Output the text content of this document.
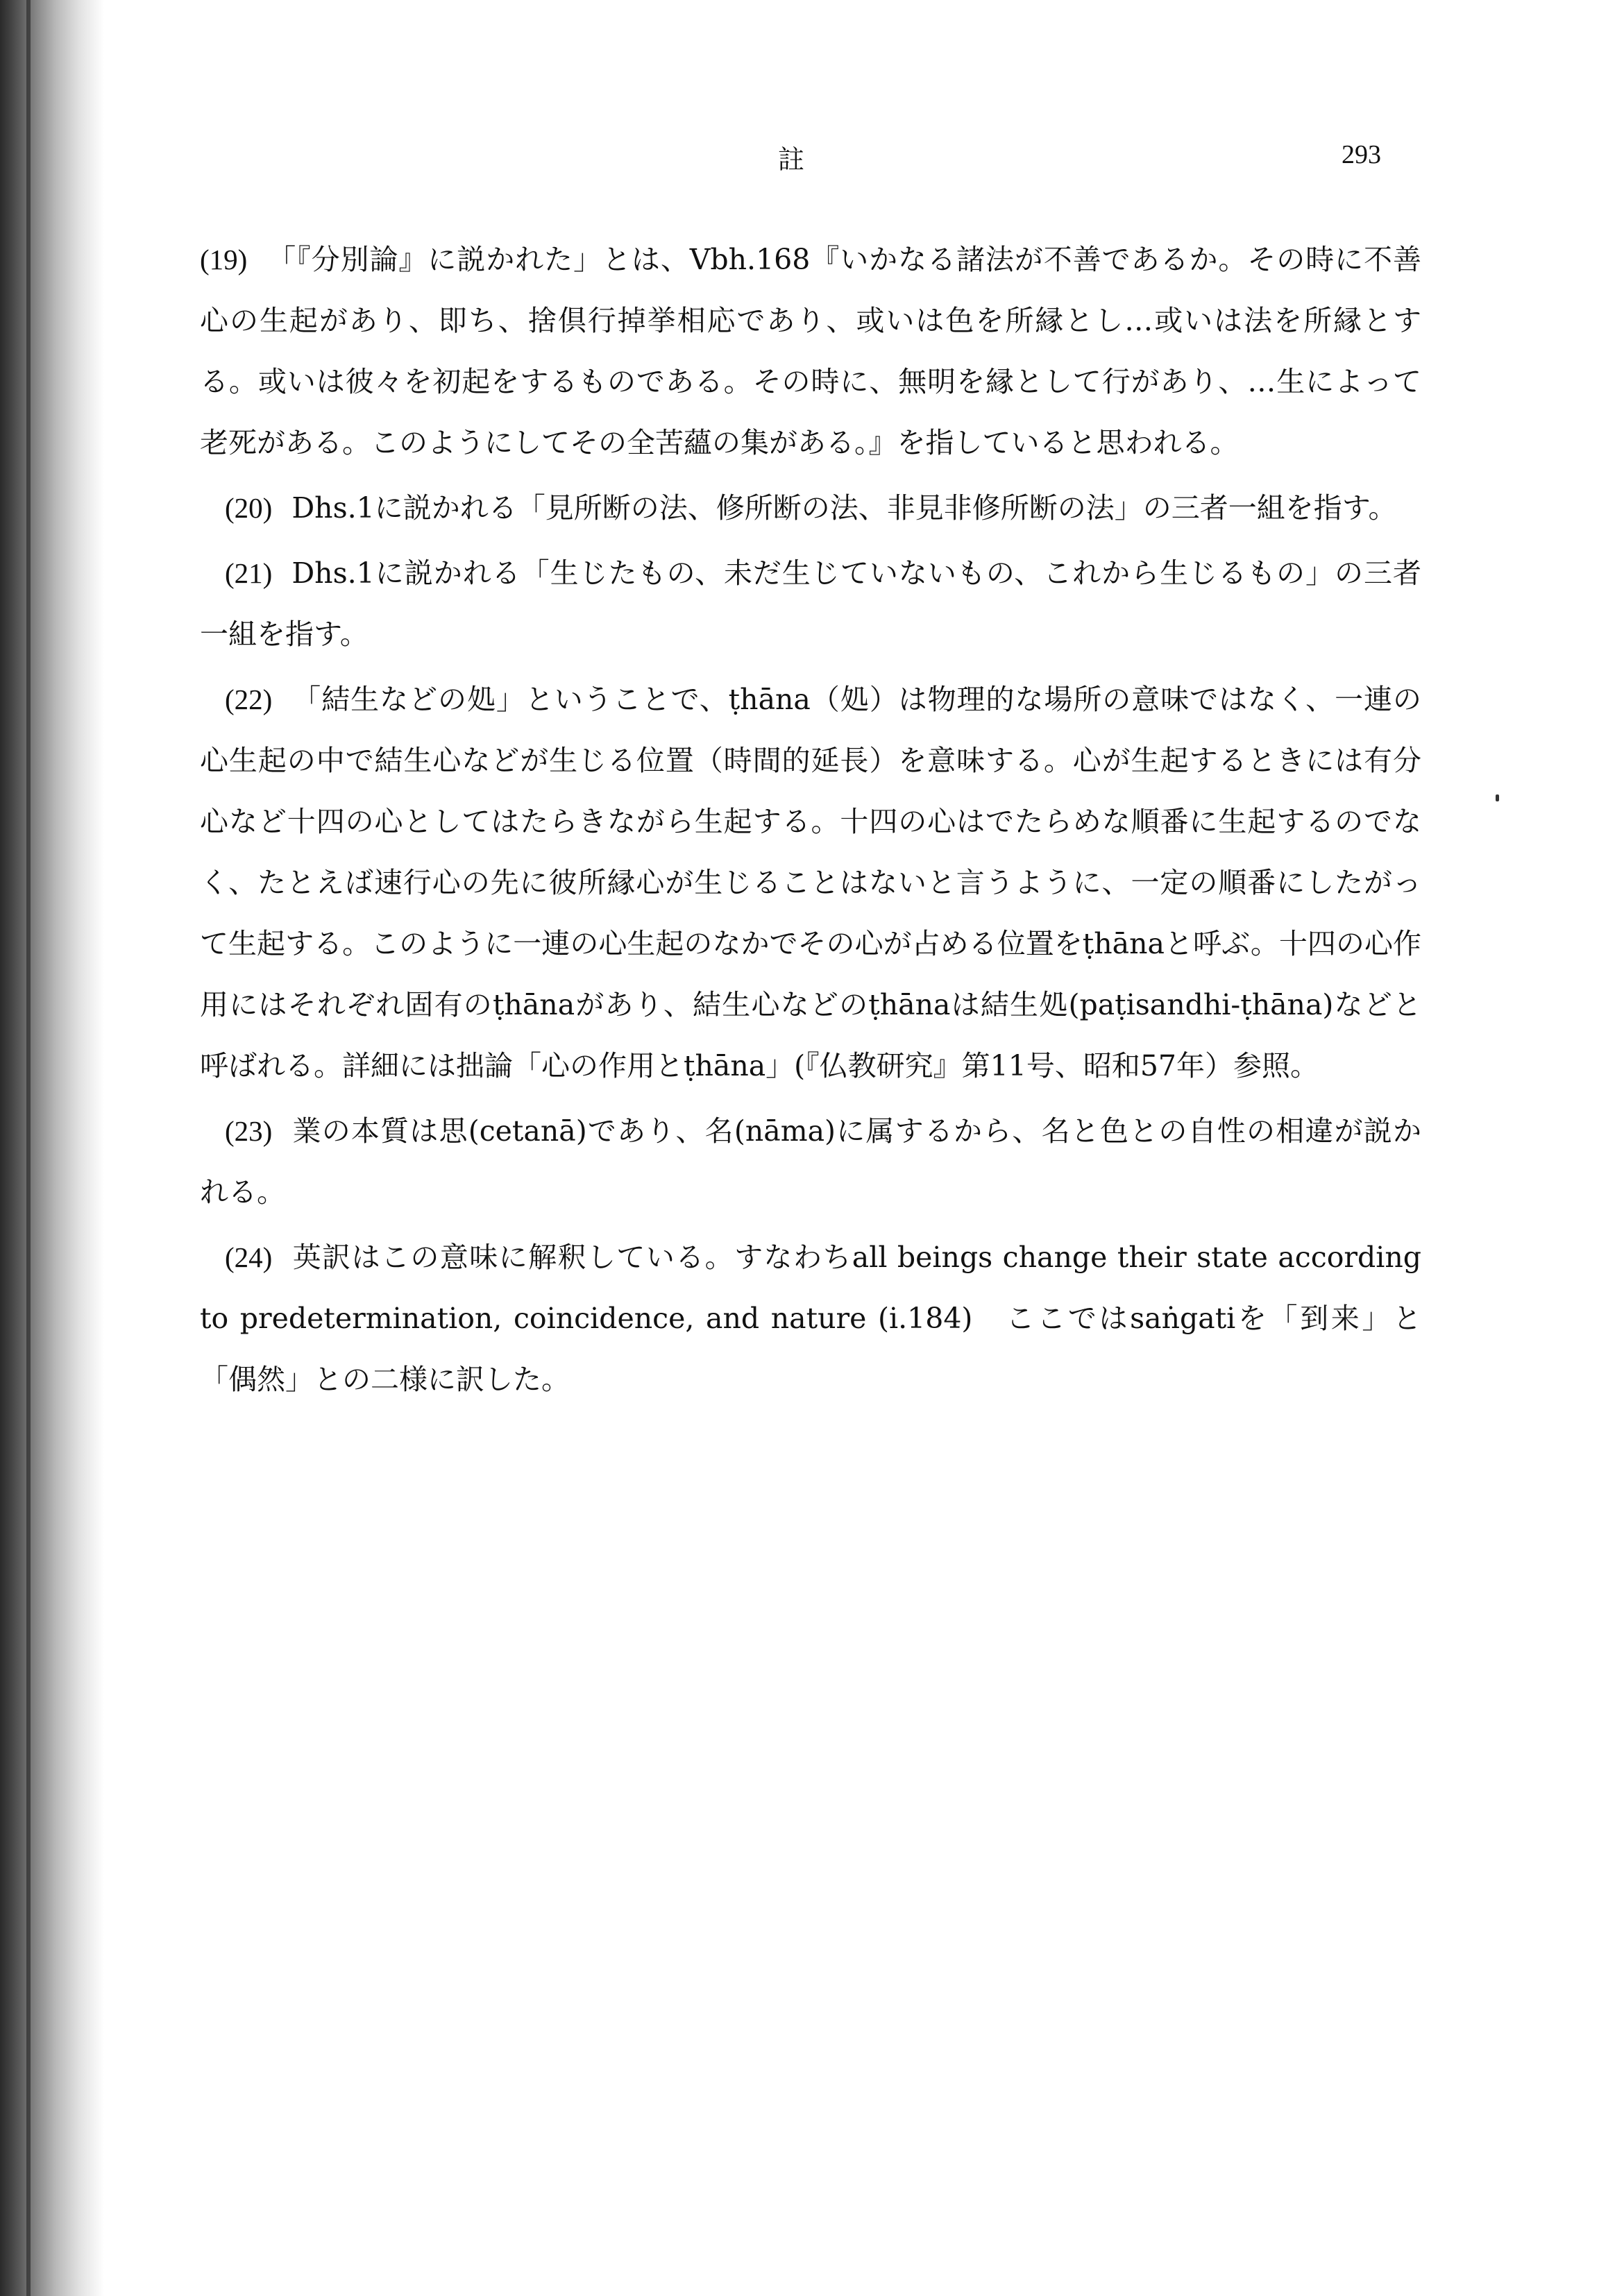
註	293

(19) 「『分別論』に説かれた」とは、Vbh.168『いかなる諸法が不善であるか。その時に不善心の生起があり、即ち、捨倶行掉挙相応であり、或いは色を所縁とし…或いは法を所縁とする。或いは彼々を初起をするものである。その時に、無明を縁として行があり、…生によって老死がある。このようにしてその全苦蘊の集がある。』を指していると思われる。

(20) Dhs.1に説かれる「見所断の法、修所断の法、非見非修所断の法」の三者一組を指す。

(21) Dhs.1に説かれる「生じたもの、未だ生じていないもの、これから生じるもの」の三者一組を指す。

(22) 「結生などの処」ということで、ṭhāna（処）は物理的な場所の意味ではなく、一連の心生起の中で結生心などが生じる位置（時間的延長）を意味する。心が生起するときには有分心など十四の心としてはたらきながら生起する。十四の心はでたらめな順番に生起するのでなく、たとえば速行心の先に彼所縁心が生じることはないと言うように、一定の順番にしたがって生起する。このように一連の心生起のなかでその心が占める位置をṭhānaと呼ぶ。十四の心作用にはそれぞれ固有のṭhānaがあり、結生心などのṭhānaは結生処(paṭisandhi-ṭhāna)などと呼ばれる。詳細には拙論「心の作用とṭhāna」(『仏教研究』第11号、昭和57年）参照。

(23) 業の本質は思(cetanā)であり、名(nāma)に属するから、名と色との自性の相違が説かれる。

(24) 英訳はこの意味に解釈している。すなわちall beings change their state according to predetermination, coincidence, and nature (i.184)　ここではsaṅgatiを「到来」と「偶然」との二様に訳した。
